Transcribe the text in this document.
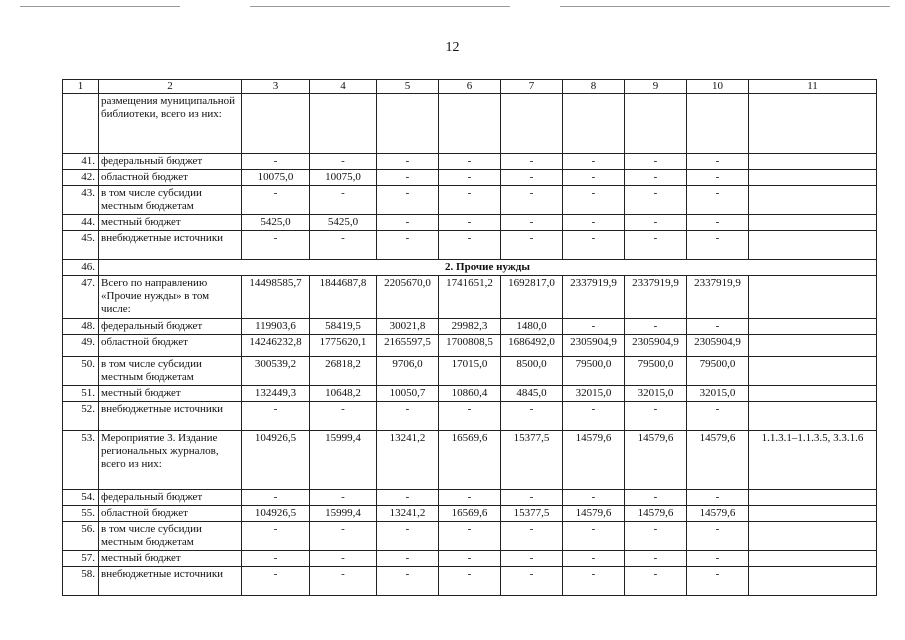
12
1	2	3	4	5	6	7	8	9	10	11
	размещения муниципальной библиотеки, всего из них:									
41.	федеральный бюджет	-	-	-	-	-	-	-	-	
42.	областной бюджет	10075,0	10075,0	-	-	-	-	-	-	
43.	в том числе субсидии местным бюджетам	-	-	-	-	-	-	-	-	
44.	местный бюджет	5425,0	5425,0	-	-	-	-	-	-	
45.	внебюджетные источники	-	-	-	-	-	-	-	-	
46.	2. Прочие нужды									
47.	Всего по направлению «Прочие нужды» в том числе:	14498585,7	1844687,8	2205670,0	1741651,2	1692817,0	2337919,9	2337919,9	2337919,9	
48.	федеральный бюджет	119903,6	58419,5	30021,8	29982,3	1480,0	-	-	-	
49.	областной бюджет	14246232,8	1775620,1	2165597,5	1700808,5	1686492,0	2305904,9	2305904,9	2305904,9	
50.	в том числе субсидии местным бюджетам	300539,2	26818,2	9706,0	17015,0	8500,0	79500,0	79500,0	79500,0	
51.	местный бюджет	132449,3	10648,2	10050,7	10860,4	4845,0	32015,0	32015,0	32015,0	
52.	внебюджетные источники	-	-	-	-	-	-	-	-	
53.	Мероприятие 3. Издание региональных журналов, всего из них:	104926,5	15999,4	13241,2	16569,6	15377,5	14579,6	14579,6	14579,6	1.1.3.1–1.1.3.5, 3.3.1.6
54.	федеральный бюджет	-	-	-	-	-	-	-	-	
55.	областной бюджет	104926,5	15999,4	13241,2	16569,6	15377,5	14579,6	14579,6	14579,6	
56.	в том числе субсидии местным бюджетам	-	-	-	-	-	-	-	-	
57.	местный бюджет	-	-	-	-	-	-	-	-	
58.	внебюджетные источники	-	-	-	-	-	-	-	-	
